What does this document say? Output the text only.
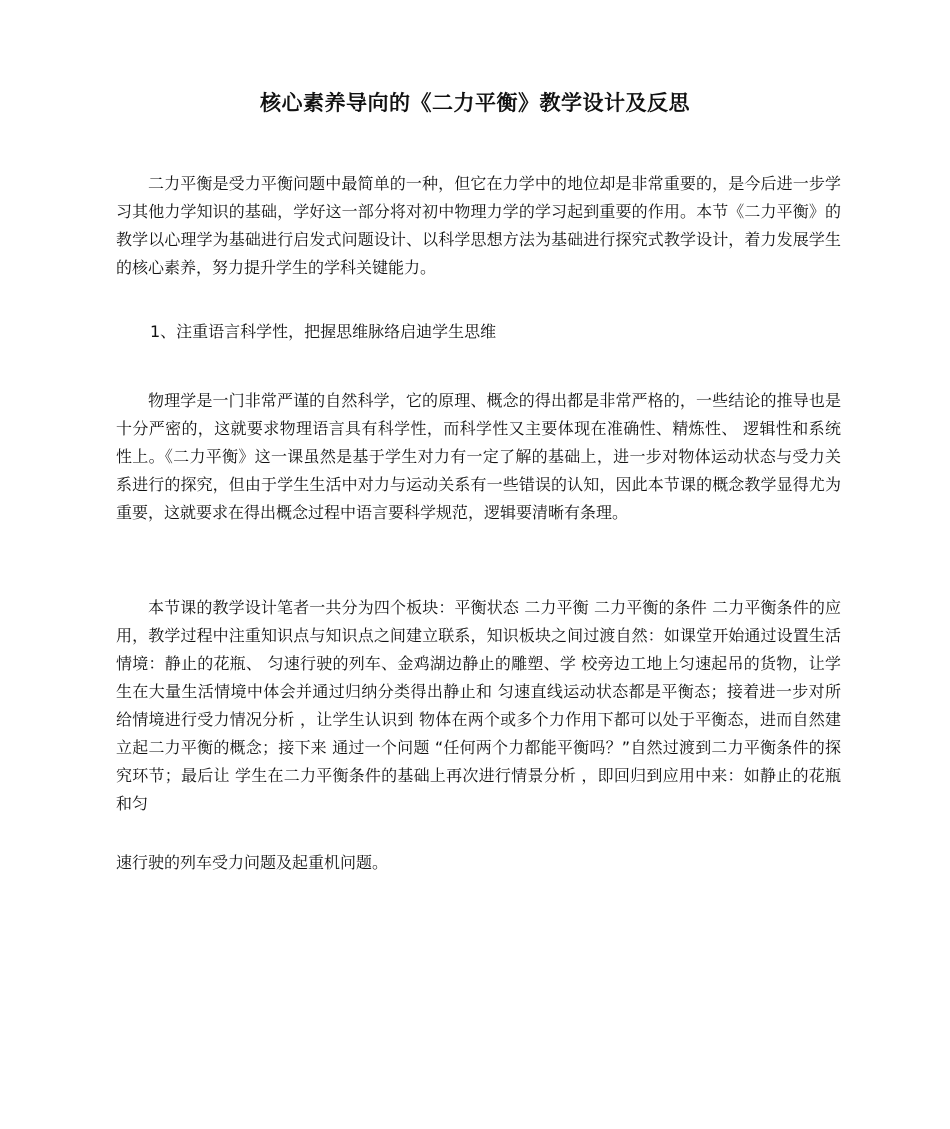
核心素养导向的《二力平衡》教学设计及反思
二力平衡是受力平衡问题中最简单的一种，但它在力学中的地位却是非常重要的，是今后进一步学习其他力学知识的基础，学好这一部分将对初中物理力学的学习起到重要的作用。本节《二力平衡》的教学以心理学为基础进行启发式问题设计、以科学思想方法为基础进行探究式教学设计，着力发展学生的核心素养，努力提升学生的学科关键能力。
1、注重语言科学性，把握思维脉络启迪学生思维
物理学是一门非常严谨的自然科学，它的原理、概念的得出都是非常严格的，一些结论的推导也是十分严密的，这就要求物理语言具有科学性，而科学性又主要体现在准确性、精炼性、 逻辑性和系统性上。《二力平衡》这一课虽然是基于学生对力有一定了解的基础上，进一步对物体运动状态与受力关系进行的探究，但由于学生生活中对力与运动关系有一些错误的认知，因此本节课的概念教学显得尤为重要，这就要求在得出概念过程中语言要科学规范，逻辑要清晰有条理。
本节课的教学设计笔者一共分为四个板块：平衡状态 二力平衡 二力平衡的条件 二力平衡条件的应用，教学过程中注重知识点与知识点之间建立联系，知识板块之间过渡自然：如课堂开始通过设置生活情境：静止的花瓶、 匀速行驶的列车、金鸡湖边静止的雕塑、学 校旁边工地上匀速起吊的货物，让学生在大量生活情境中体会并通过归纳分类得出静止和 匀速直线运动状态都是平衡态；接着进一步对所给情境进行受力情况分析 ，让学生认识到 物体在两个或多个力作用下都可以处于平衡态，进而自然建立起二力平衡的概念；接下来 通过一个问题 “任何两个力都能平衡吗？”自然过渡到二力平衡条件的探究环节；最后让 学生在二力平衡条件的基础上再次进行情景分析 ，即回归到应用中来：如静止的花瓶和匀
速行驶的列车受力问题及起重机问题。
